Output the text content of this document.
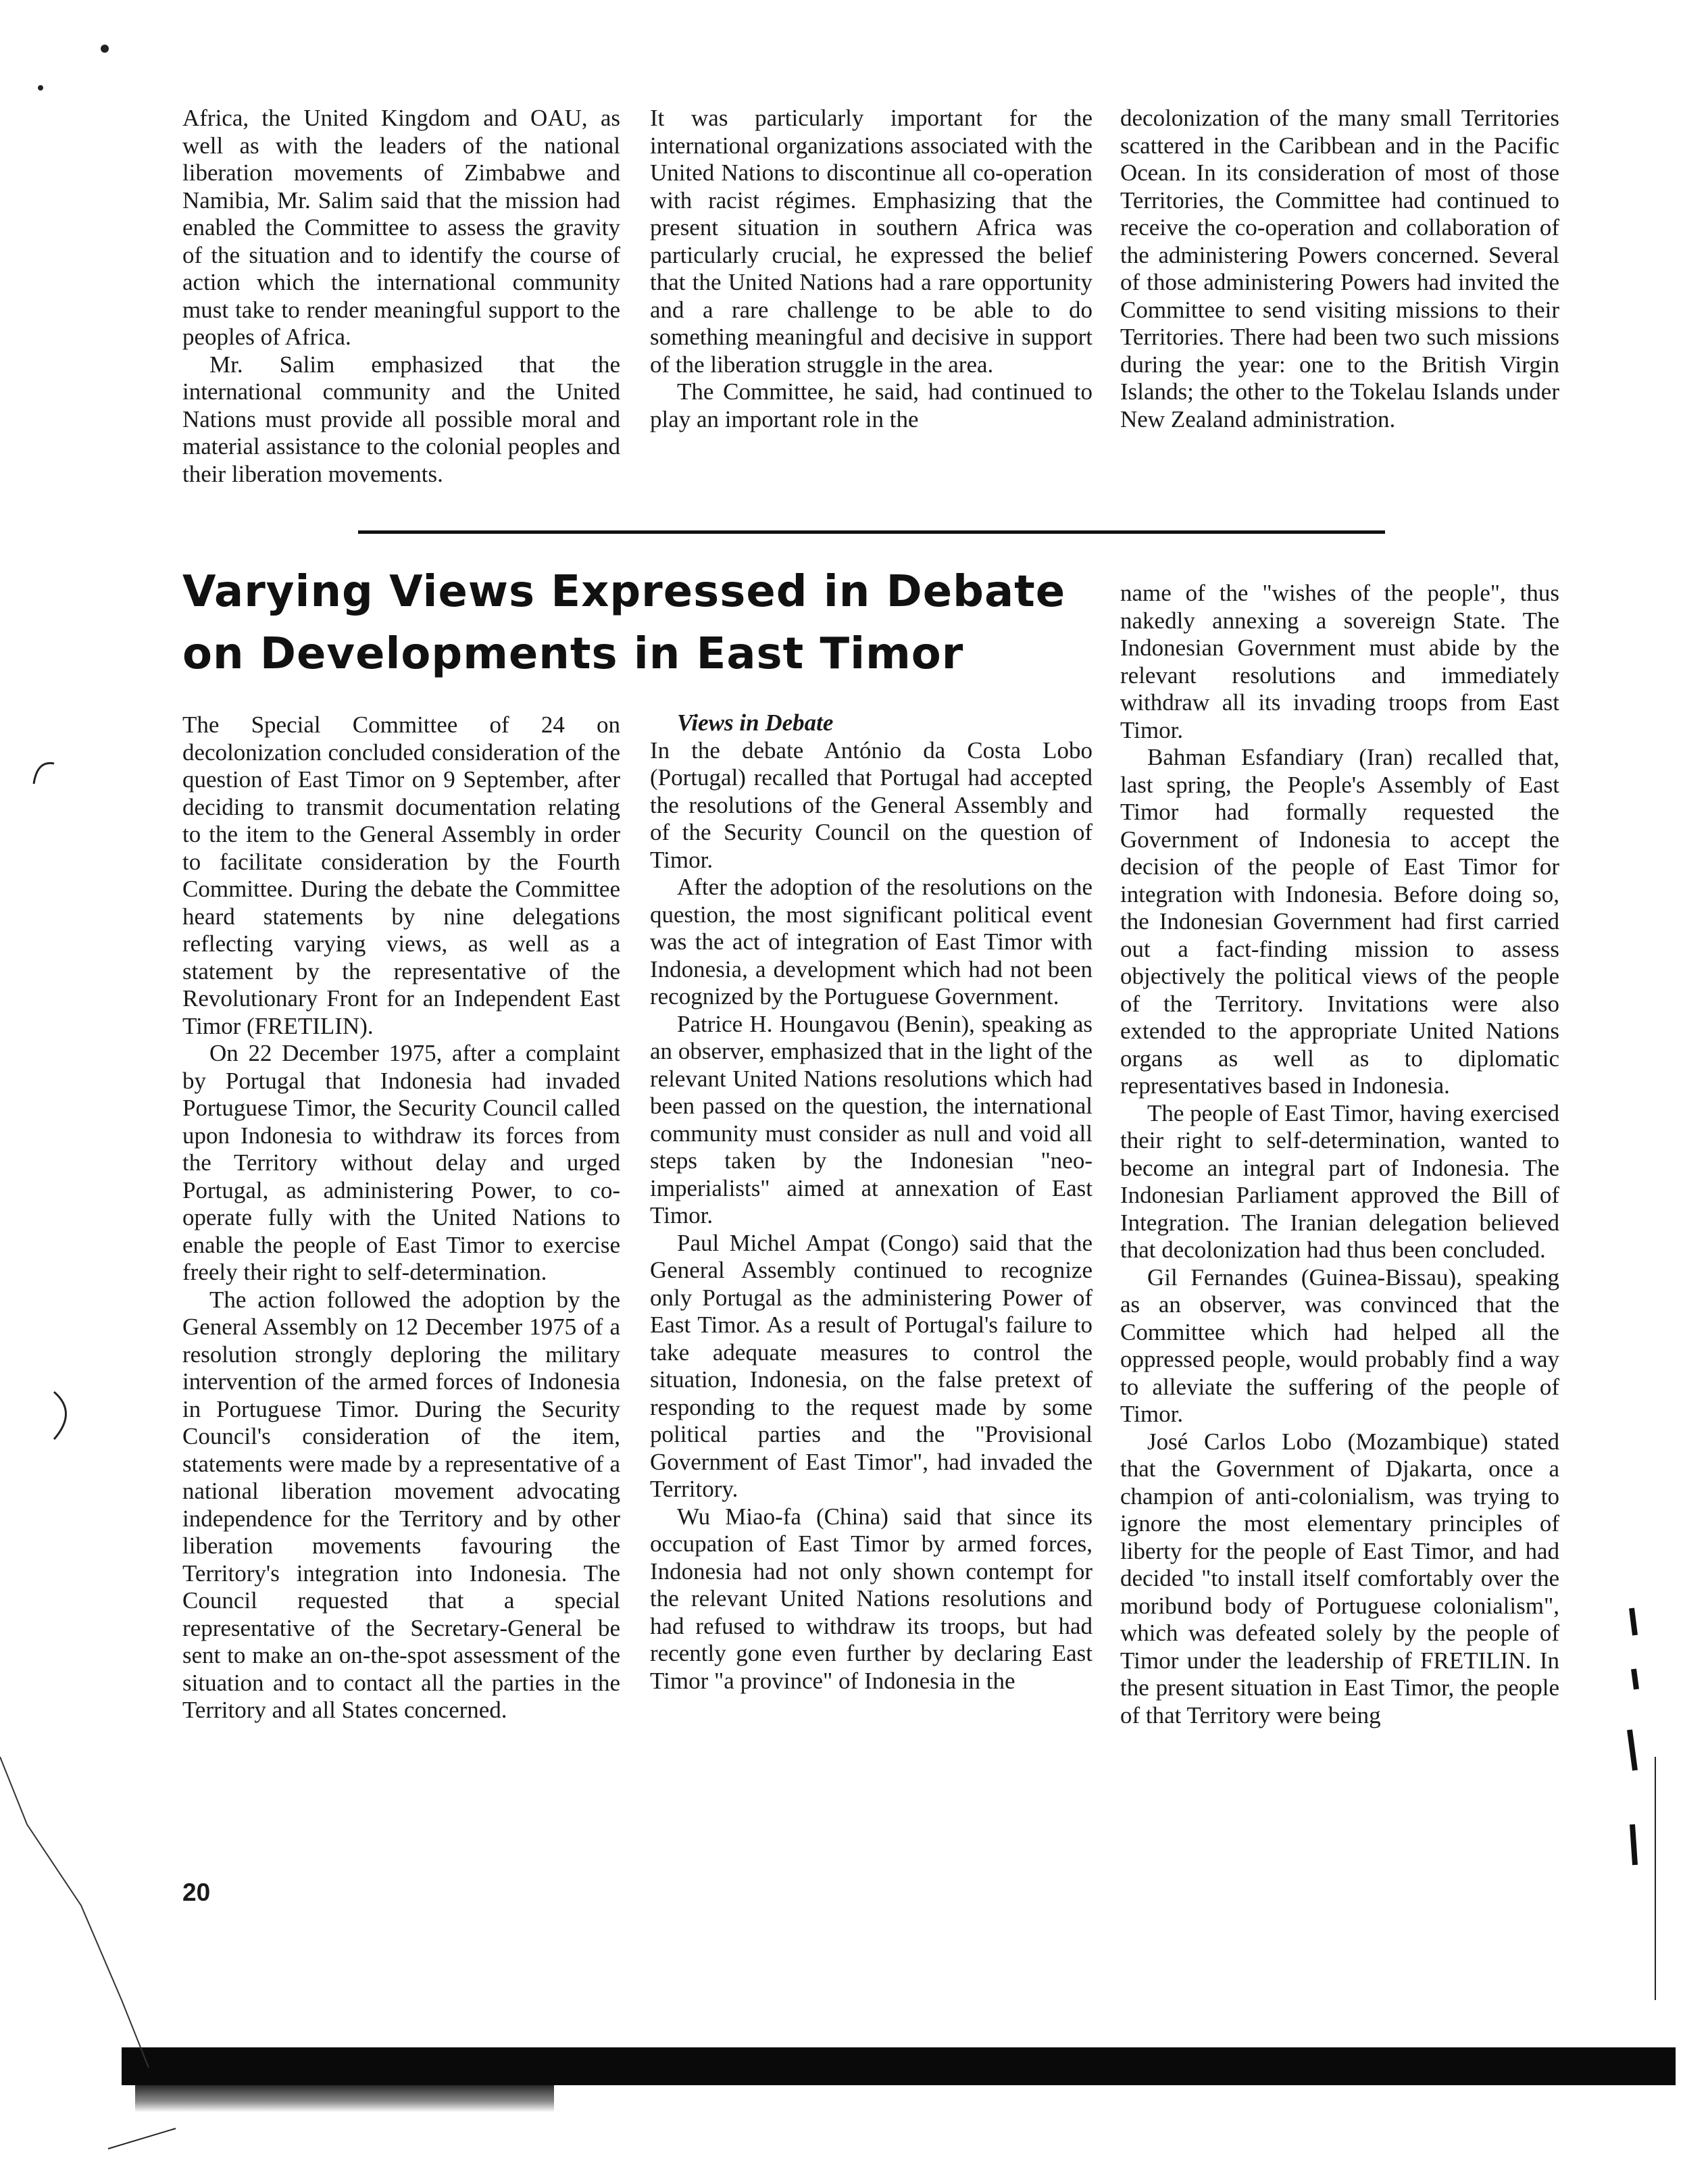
Africa, the United Kingdom and OAU, as well as with the leaders of the national liberation movements of Zimbabwe and Namibia, Mr. Salim said that the mission had enabled the Committee to assess the gravity of the situation and to identify the course of action which the international community must take to render meaningful support to the peoples of Africa.

Mr. Salim emphasized that the international community and the United Nations must provide all possible moral and material assistance to the colonial peoples and their liberation movements.

It was particularly important for the international organizations associated with the United Nations to discontinue all co-operation with racist régimes. Emphasizing that the present situation in southern Africa was particularly crucial, he expressed the belief that the United Nations had a rare opportunity and a rare challenge to be able to do something meaningful and decisive in support of the liberation struggle in the area.

The Committee, he said, had continued to play an important role in the

decolonization of the many small Territories scattered in the Caribbean and in the Pacific Ocean. In its consideration of most of those Territories, the Committee had continued to receive the co-operation and collaboration of the administering Powers concerned. Several of those administering Powers had invited the Committee to send visiting missions to their Territories. There had been two such missions during the year: one to the British Virgin Islands; the other to the Tokelau Islands under New Zealand administration.

Varying Views Expressed in Debate
on Developments in East Timor

The Special Committee of 24 on decolonization concluded consideration of the question of East Timor on 9 September, after deciding to transmit documentation relating to the item to the General Assembly in order to facilitate consideration by the Fourth Committee. During the debate the Committee heard statements by nine delegations reflecting varying views, as well as a statement by the representative of the Revolutionary Front for an Independent East Timor (FRETILIN).

On 22 December 1975, after a complaint by Portugal that Indonesia had invaded Portuguese Timor, the Security Council called upon Indonesia to withdraw its forces from the Territory without delay and urged Portugal, as administering Power, to co-operate fully with the United Nations to enable the people of East Timor to exercise freely their right to self-determination.

The action followed the adoption by the General Assembly on 12 December 1975 of a resolution strongly deploring the military intervention of the armed forces of Indonesia in Portuguese Timor. During the Security Council's consideration of the item, statements were made by a representative of a national liberation movement advocating independence for the Territory and by other liberation movements favouring the Territory's integration into Indonesia. The Council requested that a special representative of the Secretary-General be sent to make an on-the-spot assessment of the situation and to contact all the parties in the Territory and all States concerned.

Views in Debate

In the debate António da Costa Lobo (Portugal) recalled that Portugal had accepted the resolutions of the General Assembly and of the Security Council on the question of Timor.

After the adoption of the resolutions on the question, the most significant political event was the act of integration of East Timor with Indonesia, a development which had not been recognized by the Portuguese Government.

Patrice H. Houngavou (Benin), speaking as an observer, emphasized that in the light of the relevant United Nations resolutions which had been passed on the question, the international community must consider as null and void all steps taken by the Indonesian "neo-imperialists" aimed at annexation of East Timor.

Paul Michel Ampat (Congo) said that the General Assembly continued to recognize only Portugal as the administering Power of East Timor. As a result of Portugal's failure to take adequate measures to control the situation, Indonesia, on the false pretext of responding to the request made by some political parties and the "Provisional Government of East Timor", had invaded the Territory.

Wu Miao-fa (China) said that since its occupation of East Timor by armed forces, Indonesia had not only shown contempt for the relevant United Nations resolutions and had refused to withdraw its troops, but had recently gone even further by declaring East Timor "a province" of Indonesia in the

name of the "wishes of the people", thus nakedly annexing a sovereign State. The Indonesian Government must abide by the relevant resolutions and immediately withdraw all its invading troops from East Timor.

Bahman Esfandiary (Iran) recalled that, last spring, the People's Assembly of East Timor had formally requested the Government of Indonesia to accept the decision of the people of East Timor for integration with Indonesia. Before doing so, the Indonesian Government had first carried out a fact-finding mission to assess objectively the political views of the people of the Territory. Invitations were also extended to the appropriate United Nations organs as well as to diplomatic representatives based in Indonesia.

The people of East Timor, having exercised their right to self-determination, wanted to become an integral part of Indonesia. The Indonesian Parliament approved the Bill of Integration. The Iranian delegation believed that decolonization had thus been concluded.

Gil Fernandes (Guinea-Bissau), speaking as an observer, was convinced that the Committee which had helped all the oppressed people, would probably find a way to alleviate the suffering of the people of Timor.

José Carlos Lobo (Mozambique) stated that the Government of Djakarta, once a champion of anti-colonialism, was trying to ignore the most elementary principles of liberty for the people of East Timor, and had decided "to install itself comfortably over the moribund body of Portuguese colonialism", which was defeated solely by the people of Timor under the leadership of FRETILIN. In the present situation in East Timor, the people of that Territory were being

20
